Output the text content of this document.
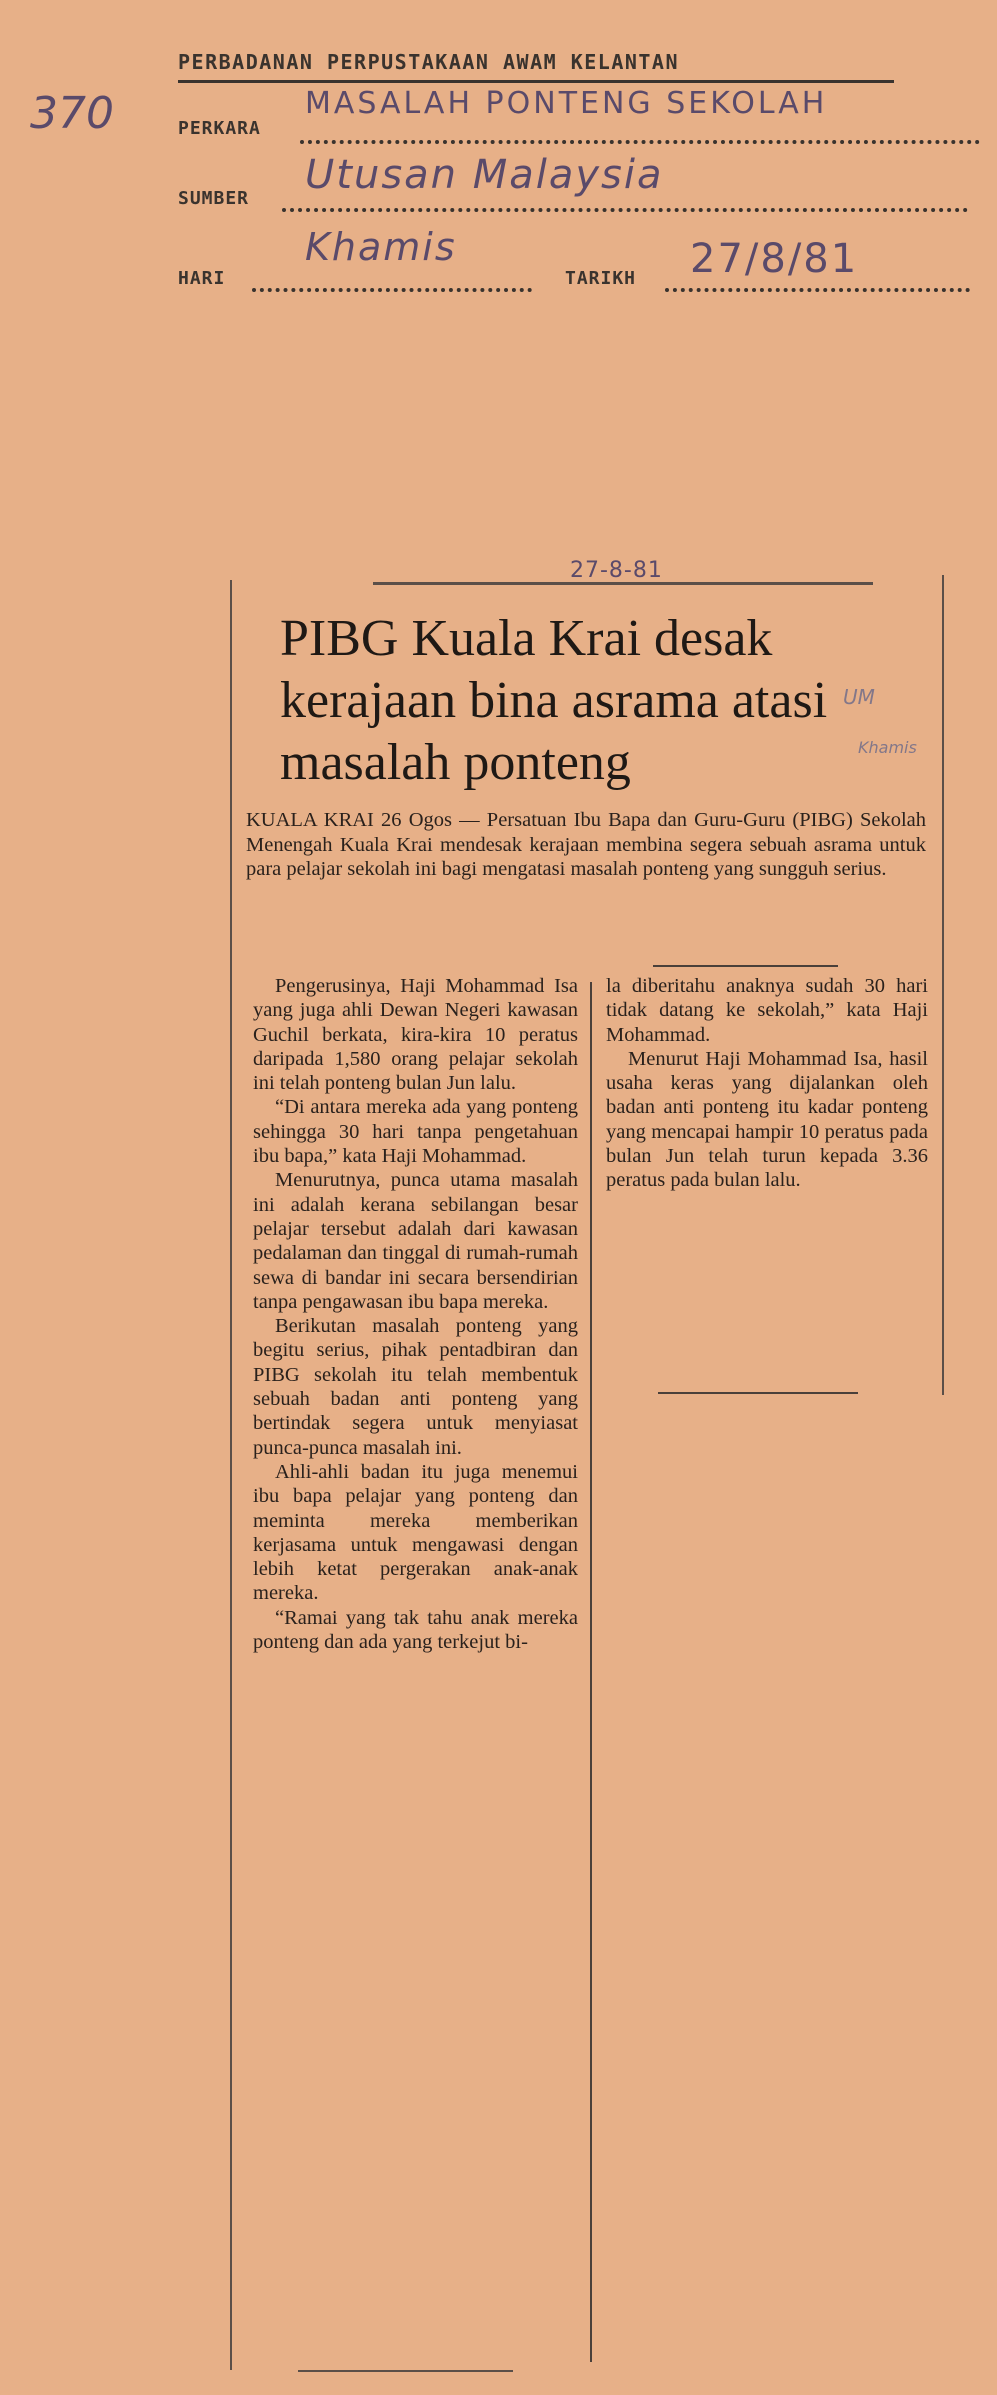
PERBADANAN PERPUSTAKAAN AWAM KELANTAN
370	PERKARA
MASALAH PONTENG SEKOLAH
SUMBER
Utusan Malaysia
HARI
Khamis
TARIKH 27/8/81
27-8-81
UM
Khamis
PIBG Kuala Krai desak kerajaan bina asrama atasi masalah ponteng

KUALA KRAI 26 Ogos — Persatuan Ibu Bapa dan Guru-Guru (PIBG) Sekolah Menengah Kuala Krai mendesak kerajaan membina segera sebuah asrama untuk para pelajar sekolah ini bagi mengatasi masalah ponteng yang sungguh serius.

Pengerusinya, Haji Mohammad Isa yang juga ahli Dewan Negeri kawasan Guchil berkata, kira-kira 10 peratus daripada 1,580 orang pelajar sekolah ini telah ponteng bulan Jun lalu.

“Di antara mereka ada yang ponteng sehingga 30 hari tanpa pengetahuan ibu bapa,” kata Haji Mohammad.

Menurutnya, punca utama masalah ini adalah kerana sebilangan besar pelajar tersebut adalah dari kawasan pedalaman dan tinggal di rumah-rumah sewa di bandar ini secara bersendirian tanpa pengawasan ibu bapa mereka.

Berikutan masalah ponteng yang begitu serius, pihak pentadbiran dan PIBG sekolah itu telah membentuk sebuah badan anti ponteng yang bertindak segera untuk menyiasat punca-punca masalah ini.

Ahli-ahli badan itu juga menemui ibu bapa pelajar yang ponteng dan meminta mereka memberikan kerjasama untuk mengawasi dengan lebih ketat pergerakan anak-anak mereka.

“Ramai yang tak tahu anak mereka ponteng dan ada yang terkejut bi-

la diberitahu anaknya sudah 30 hari tidak datang ke sekolah,” kata Haji Mohammad.

Menurut Haji Mohammad Isa, hasil usaha keras yang dijalankan oleh badan anti ponteng itu kadar ponteng yang mencapai hampir 10 peratus pada bulan Jun telah turun kepada 3.36 peratus pada bulan lalu.
